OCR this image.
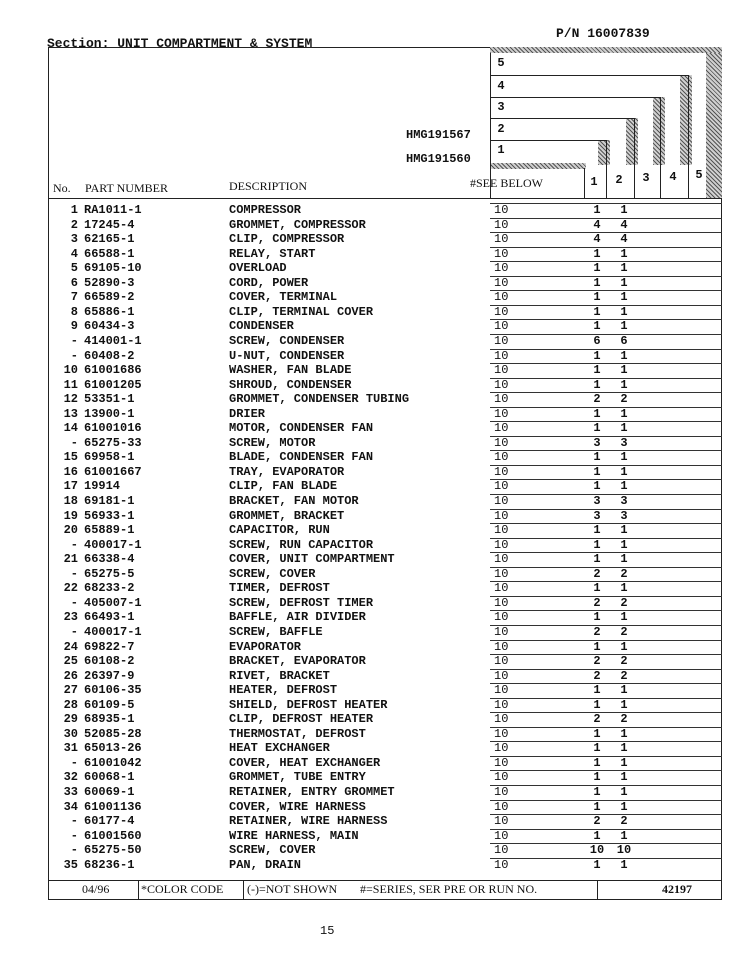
Section: UNIT COMPARTMENT & SYSTEM
P/N 16007839
5
4
3
2
1
1 2 3 4 5
HMG191567
HMG191560
No. PART NUMBER	DESCRIPTION	#SEE BELOW
1 RA1011-1	COMPRESSOR	10	1	1
2 17245-4	GROMMET, COMPRESSOR	10	4	4
3 62165-1	CLIP, COMPRESSOR	10	4	4
4 66588-1	RELAY, START	10	1	1
5 69105-10	OVERLOAD	10	1	1
6 52890-3	CORD, POWER	10	1	1
7 66589-2	COVER, TERMINAL	10	1	1
8 65886-1	CLIP, TERMINAL COVER	10	1	1
9 60434-3	CONDENSER	10	1	1
- 414001-1	SCREW, CONDENSER	10	6	6
- 60408-2	U-NUT, CONDENSER	10	1	1
10 61001686	WASHER, FAN BLADE	10	1	1
11 61001205	SHROUD, CONDENSER	10	1	1
12 53351-1	GROMMET, CONDENSER TUBING	10	2	2
13 13900-1	DRIER	10	1	1
14 61001016	MOTOR, CONDENSER FAN	10	1	1
- 65275-33	SCREW, MOTOR	10	3	3
15 69958-1	BLADE, CONDENSER FAN	10	1	1
16 61001667	TRAY, EVAPORATOR	10	1	1
17 19914	CLIP, FAN BLADE	10	1	1
18 69181-1	BRACKET, FAN MOTOR	10	3	3
19 56933-1	GROMMET, BRACKET	10	3	3
20 65889-1	CAPACITOR, RUN	10	1	1
- 400017-1	SCREW, RUN CAPACITOR	10	1	1
21 66338-4	COVER, UNIT COMPARTMENT	10	1	1
- 65275-5	SCREW, COVER	10	2	2
22 68233-2	TIMER, DEFROST	10	1	1
- 405007-1	SCREW, DEFROST TIMER	10	2	2
23 66493-1	BAFFLE, AIR DIVIDER	10	1	1
- 400017-1	SCREW, BAFFLE	10	2	2
24 69822-7	EVAPORATOR	10	1	1
25 60108-2	BRACKET, EVAPORATOR	10	2	2
26 26397-9	RIVET, BRACKET	10	2	2
27 60106-35	HEATER, DEFROST	10	1	1
28 60109-5	SHIELD, DEFROST HEATER	10	1	1
29 68935-1	CLIP, DEFROST HEATER	10	2	2
30 52085-28	THERMOSTAT, DEFROST	10	1	1
31 65013-26	HEAT EXCHANGER	10	1	1
- 61001042	COVER, HEAT EXCHANGER	10	1	1
32 60068-1	GROMMET, TUBE ENTRY	10	1	1
33 60069-1	RETAINER, ENTRY GROMMET	10	1	1
34 61001136	COVER, WIRE HARNESS	10	1	1
- 60177-4	RETAINER, WIRE HARNESS	10	2	2
- 61001560	WIRE HARNESS, MAIN	10	1	1
- 65275-50	SCREW, COVER	10	10	10
35 68236-1	PAN, DRAIN	10	1	1
04/96	*COLOR CODE (-)=NOT SHOWN #=SERIES, SER PRE OR RUN NO.	42197
15
